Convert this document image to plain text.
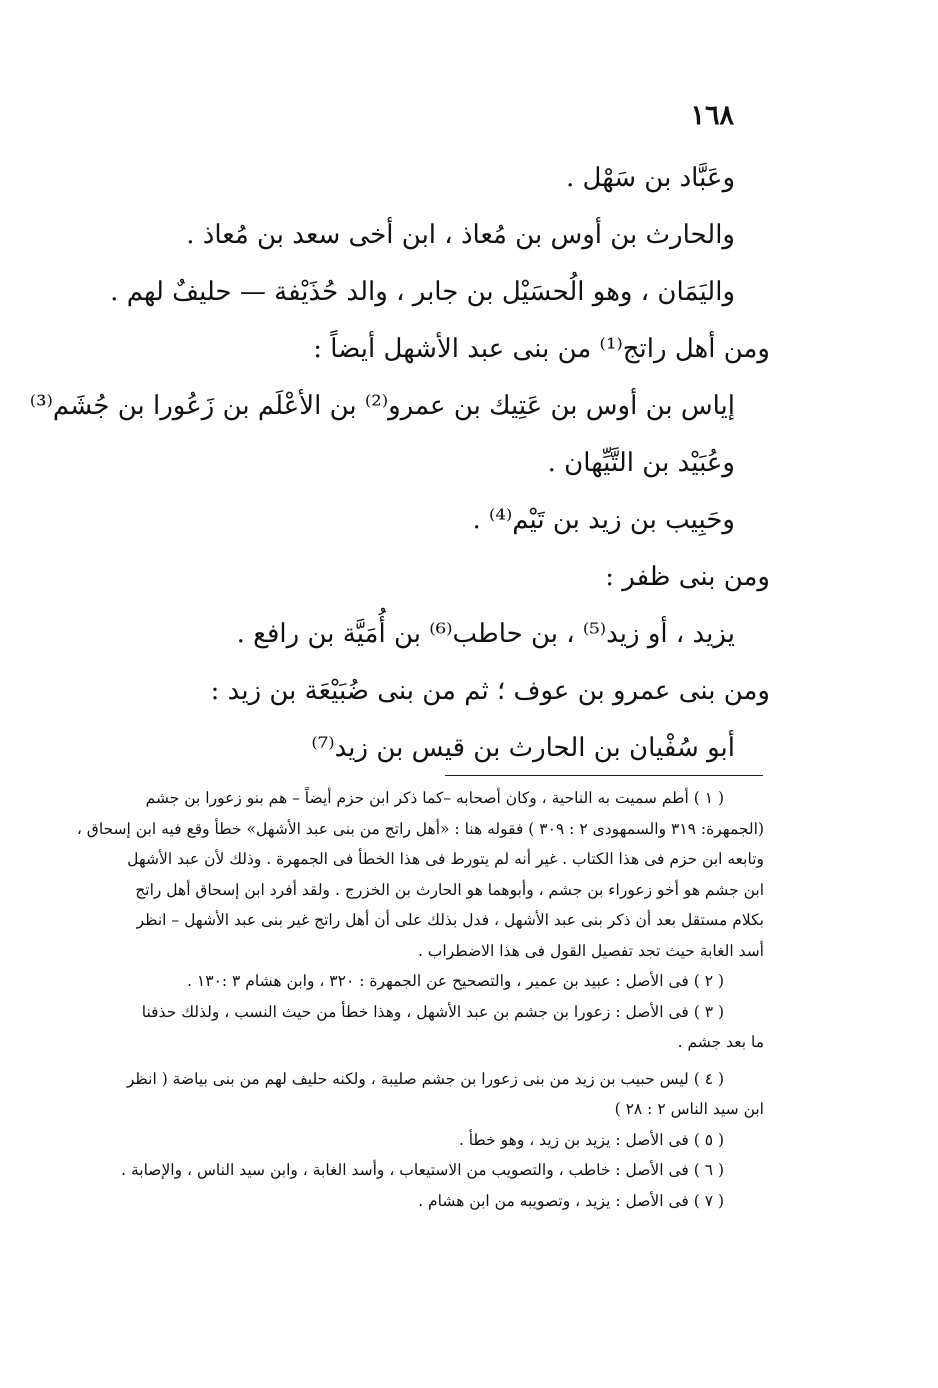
١٦٨
وعَبَّاد بن سَهْل .
والحارث بن أوس بن مُعاذ ، ابن أخى سعد بن مُعاذ .
واليَمَان ، وهو الُحسَيْل بن جابر ، والد حُذَيْفة — حليفٌ لهم .
ومن أهل راتج⁽¹⁾ من بنى عبد الأشهل أيضاً :
إياس بن أوس بن عَتِيك بن عمرو⁽²⁾ بن الأعْلَم بن زَعُورا بن جُشَم⁽³⁾
وعُبَيْد بن التَّيِّهان .
وحَبِيب بن زيد بن تَيْم⁽⁴⁾ .
ومن بنى ظفر :
يزيد ، أو زيد⁽⁵⁾ ، بن حاطب⁽⁶⁾ بن أُمَيَّة بن رافع .
ومن بنى عمرو بن عوف ؛ ثم من بنى ضُبَيْعَة بن زيد :
أبو سُفْيان بن الحارث بن قيس بن زيد⁽⁷⁾
( ١ ) أطم سميت به الناحية ، وكان أصحابه –كما ذكر ابن حزم أيضاً – هم بنو زعورا بن جشم
(الجمهرة: ٣١٩ والسمهودى ٢ : ٣٠٩ ) فقوله هنا : «أهل راتج من بنى عبد الأشهل» خطأ وقع فيه ابن إسحاق ،
وتابعه ابن حزم فى هذا الكتاب . غير أنه لم يتورط فى هذا الخطأ فى الجمهرة . وذلك لأن عبد الأشهل
ابن جشم هو أخو زعوراء بن جشم ، وأبوهما هو الحارث بن الخزرج . ولقد أفرد ابن إسحاق أهل راتج
بكلام مستقل بعد أن ذكر بنى عبد الأشهل ، فدل بذلك على أن أهل راتج غير بنى عبد الأشهل – انظر
أسد الغابة حيث تجد تفصيل القول فى هذا الاضطراب .
( ٢ ) فى الأصل : عبيد بن عمير ، والتصحيح عن الجمهرة : ٣٢٠ ، وابن هشام ٣ :١٣٠ .
( ٣ ) فى الأصل : زعورا بن جشم بن عبد الأشهل ، وهذا خطأ من حيث النسب ، ولذلك حذفنا
ما بعد جشم .
( ٤ ) ليس حبيب بن زيد من بنى زعورا بن جشم صليبة ، ولكنه حليف لهم من بنى بياضة ( انظر
ابن سيد الناس ٢ : ٢٨ )
( ٥ ) فى الأصل : يزيد بن زيد ، وهو خطأ .
( ٦ ) فى الأصل : خاطب ، والتصويب من الاستيعاب ، وأسد الغابة ، وابن سيد الناس ، والإصابة .
( ٧ ) فى الأصل : يزيد ، وتصويبه من ابن هشام .
